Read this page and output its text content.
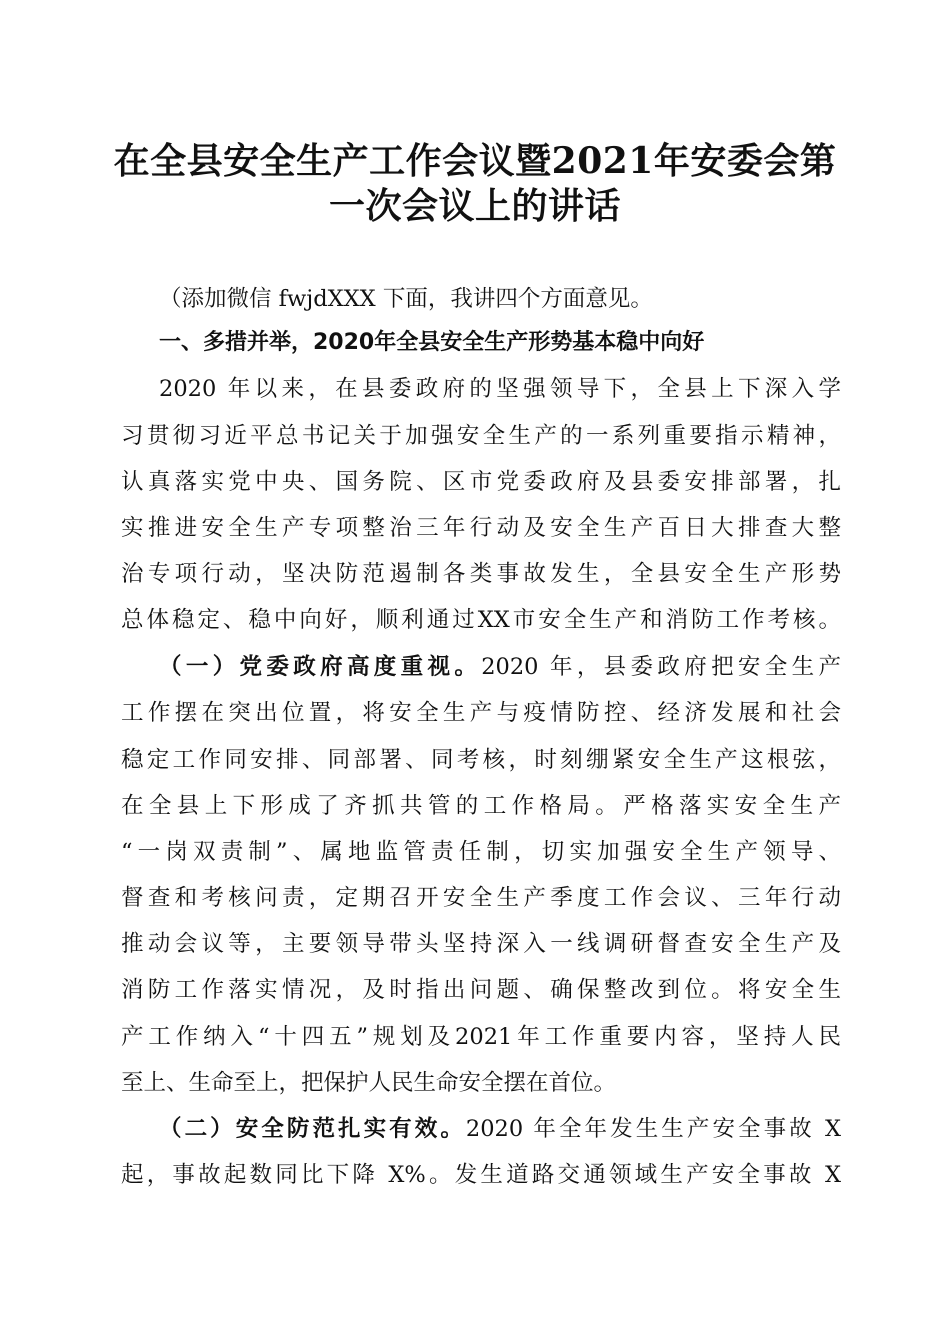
在全县安全生产工作会议暨2021年安委会第
一次会议上的讲话
（添加微信 fwjdXXX 下面，我讲四个方面意见。
一、多措并举，2020年全县安全生产形势基本稳中向好
2020 年以来，在县委政府的坚强领导下，全县上下深入学
习贯彻习近平总书记关于加强安全生产的一系列重要指示精神，
认真落实党中央、国务院、区市党委政府及县委安排部署，扎
实推进安全生产专项整治三年行动及安全生产百日大排查大整
治专项行动，坚决防范遏制各类事故发生，全县安全生产形势
总体稳定、稳中向好，顺利通过XX市安全生产和消防工作考核。
（一）党委政府高度重视。2020 年，县委政府把安全生产
工作摆在突出位置，将安全生产与疫情防控、经济发展和社会
稳定工作同安排、同部署、同考核，时刻绷紧安全生产这根弦，
在全县上下形成了齐抓共管的工作格局。严格落实安全生产
“一岗双责制”、属地监管责任制，切实加强安全生产领导、
督查和考核问责，定期召开安全生产季度工作会议、三年行动
推动会议等，主要领导带头坚持深入一线调研督查安全生产及
消防工作落实情况，及时指出问题、确保整改到位。将安全生
产工作纳入“十四五”规划及2021年工作重要内容，坚持人民
至上、生命至上，把保护人民生命安全摆在首位。
（二）安全防范扎实有效。2020 年全年发生生产安全事故 X
起，事故起数同比下降 X%。发生道路交通领域生产安全事故 X
